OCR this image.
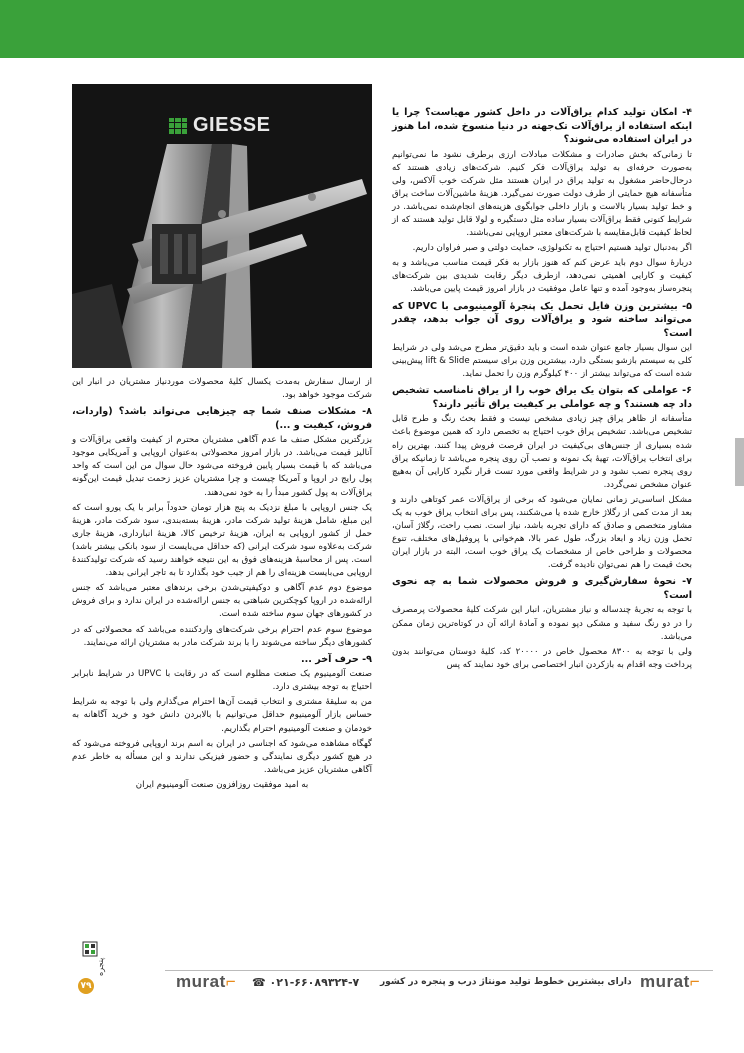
GIESSE
۴- امکان تولید کدام یراق‌آلات در داخل کشور مهیاست؟ چرا یا اینکه استفاده از یراق‌آلات تک‌جهته در دنیا منسوخ شده، اما هنوز در ایران استفاده می‌شوند؟

تا زمانی‌که بخش صادرات و مشکلات مبادلات ارزی برطرف نشود ما نمی‌توانیم به‌صورت حرفه‌ای به تولید یراق‌آلات فکر کنیم. شرکت‌های زیادی هستند که درحال‌حاضر مشغول به تولید یراق در ایران هستند مثل شرکت خوب آلاکس، ولی متأسفانه هیچ حمایتی از طرف دولت صورت نمی‌گیرد. هزینهٔ ماشین‌آلات ساخت یراق و خط تولید بسیار بالاست و بازار داخلی جوابگوی هزینه‌های انجام‌شده نمی‌باشد. در شرایط کنونی فقط یراق‌آلات بسیار ساده مثل دستگیره و لولا قابل تولید هستند که از لحاظ کیفیت قابل‌مقایسه با شرکت‌های معتبر اروپایی نمی‌باشند.

اگر به‌دنبال تولید هستیم احتیاج به تکنولوژی، حمایت دولتی و صبر فراوان داریم.

دربارهٔ سوال دوم باید عرض کنم که هنوز بازار به فکر قیمت مناسب می‌باشد و به کیفیت و کارایی اهمیتی نمی‌دهد، ازطرف دیگر رقابت شدیدی بین شرکت‌های پنجره‌ساز به‌وجود آمده و تنها عامل موفقیت در بازار امروز قیمت پایین می‌باشد.

۵- بیشترین وزن فایل تحمل یک پنجرهٔ آلومینیومی با UPVC که می‌تواند ساخته شود و یراق‌آلات روی آن جواب بدهد، چقدر است؟

این سوال بسیار جامع عنوان شده است و باید دقیق‌تر مطرح می‌شد ولی در شرایط کلی به سیستم بازشو بستگی دارد، بیشترین وزن برای سیستم lift & Slide پیش‌بینی شده است که می‌تواند بیشتر از ۴۰۰ کیلوگرم وزن را تحمل نماید.

۶- عواملی که بتوان یک یراق خوب را از یراق نامناسب تشخیص داد چه هستند؟ و چه عواملی بر کیفیت یراق تأثیر دارند؟

متأسفانه از ظاهر یراق چیز زیادی مشخص نیست و فقط بحث رنگ و طرح قابل تشخیص می‌باشد. تشخیص یراق خوب احتیاج به تخصص دارد که همین موضوع باعث شده بسیاری از جنس‌های بی‌کیفیت در ایران فرصت فروش پیدا کنند. بهترین راه برای انتخاب یراق‌آلات، تهیهٔ یک نمونه و نصب آن روی پنجره می‌باشد تا زمانیکه یراق روی پنجره نصب نشود و در شرایط واقعی مورد تست قرار نگیرد کارایی آن به‌هیچ عنوان مشخص نمی‌گردد.

مشکل اساسی‌تر زمانی نمایان می‌شود که برخی از یراق‌آلات عمر کوتاهی دارند و بعد از مدت کمی از رگلاژ خارج شده یا می‌شکنند، پس برای انتخاب یراق خوب به یک مشاور متخصص و صادق که دارای تجربه باشد، نیاز است. نصب راحت، رگلاژ آسان، تحمل وزن زیاد و ابعاد بزرگ، طول عمر بالا، هم‌خوانی با پروفیل‌های مختلف، تنوع محصولات و طراحی خاص از مشخصات یک یراق خوب است، البته در بازار ایران بحث قیمت را هم نمی‌توان نادیده گرفت.

۷- نحوهٔ سفارش‌گیری و فروش محصولات شما به چه نحوی است؟

با توجه به تجربهٔ چندساله و نیاز مشتریان، انبار این شرکت کلیهٔ محصولات پرمصرف را در دو رنگ سفید و مشکی دپو نموده و آمادهٔ ارائه آن در کوتاه‌ترین زمان ممکن می‌باشد.

ولی با توجه به ۸۳۰۰ محصول خاص در ۲۰۰۰۰ کد، کلیهٔ دوستان می‌توانند بدون پرداخت وجه اقدام به بازکردن انبار اختصاصی برای خود نمایند که پس

از ارسال سفارش به‌مدت یکسال کلیهٔ محصولات موردنیاز مشتریان در انبار این شرکت موجود خواهد بود.

۸- مشکلات صنف شما چه چیزهایی می‌تواند باشد؟ (واردات، فروش، کیفیت و ...)

بزرگترین مشکل صنف ما عدم آگاهی مشتریان محترم از کیفیت واقعی یراق‌آلات و آنالیز قیمت می‌باشد. در بازار امروز محصولاتی به‌عنوان اروپایی و آمریکایی موجود می‌باشد که با قیمت بسیار پایین فروخته می‌شود حال سوال من این است که واحد پول رایج در اروپا و آمریکا چیست و چرا مشتریان عزیز زحمت تبدیل قیمت این‌گونه یراق‌آلات به پول کشور مبدأ را به خود نمی‌دهند.

یک جنس اروپایی با مبلغ نزدیک به پنج هزار تومان حدوداً برابر با یک یورو است که این مبلغ، شامل هزینهٔ تولید شرکت مادر، هزینهٔ بسته‌بندی، سود شرکت مادر، هزینهٔ حمل از کشور اروپایی به ایران، هزینهٔ ترخیص کالا، هزینهٔ انبارداری، هزینهٔ جاری شرکت به‌علاوه سود شرکت ایرانی (که حداقل می‌بایست از سود بانکی بیشتر باشد) است. پس از محاسبهٔ هزینه‌های فوق به این نتیجه خواهند رسید که شرکت تولیدکنندهٔ اروپایی می‌بایست هزینه‌ای را هم از جیب خود بگذارد تا به تاجر ایرانی بدهد.

موضوع دوم عدم آگاهی و دوکیفیتی‌شدن برخی برندهای معتبر می‌باشد که جنس ارائه‌شده در اروپا کوچکترین شباهتی به جنس ارائه‌شده در ایران ندارد و برای فروش در کشورهای جهان سوم ساخته شده است.

موضوع سوم عدم احترام برخی شرکت‌های واردکننده می‌باشد که محصولاتی که در کشورهای دیگر ساخته می‌شوند را با برند شرکت مادر به مشتریان ارائه می‌نمایند.

۹- حرف آخر ...

صنعت آلومینیوم یک صنعت مظلوم است که در رقابت با UPVC در شرایط نابرابر احتیاج به توجه بیشتری دارد.

من به سلیقهٔ مشتری و انتخاب قیمت آن‌ها احترام می‌گذارم ولی با توجه به شرایط حساس بازار آلومینیوم حداقل می‌توانیم با بالابردن دانش خود و خرید آگاهانه به خودمان و صنعت آلومینیوم احترام بگذاریم.

گهگاه مشاهده می‌شود که اجناسی در ایران به اسم برند اروپایی فروخته می‌شود که در هیچ کشور دیگری نمایندگی و حضور فیزیکی ندارند و این مسأله به خاطر عدم آگاهی مشتریان عزیز می‌باشد.

به امید موفقیت روزافزون صنعت آلومینیوم ایران

پنجره
۷۹	murat⌐ ☎ ۰۲۱-۶۶۰۸۹۳۲۴-۷ دارای بیشترین خطوط تولید مونتاژ درب و پنجره در کشور murat⌐
